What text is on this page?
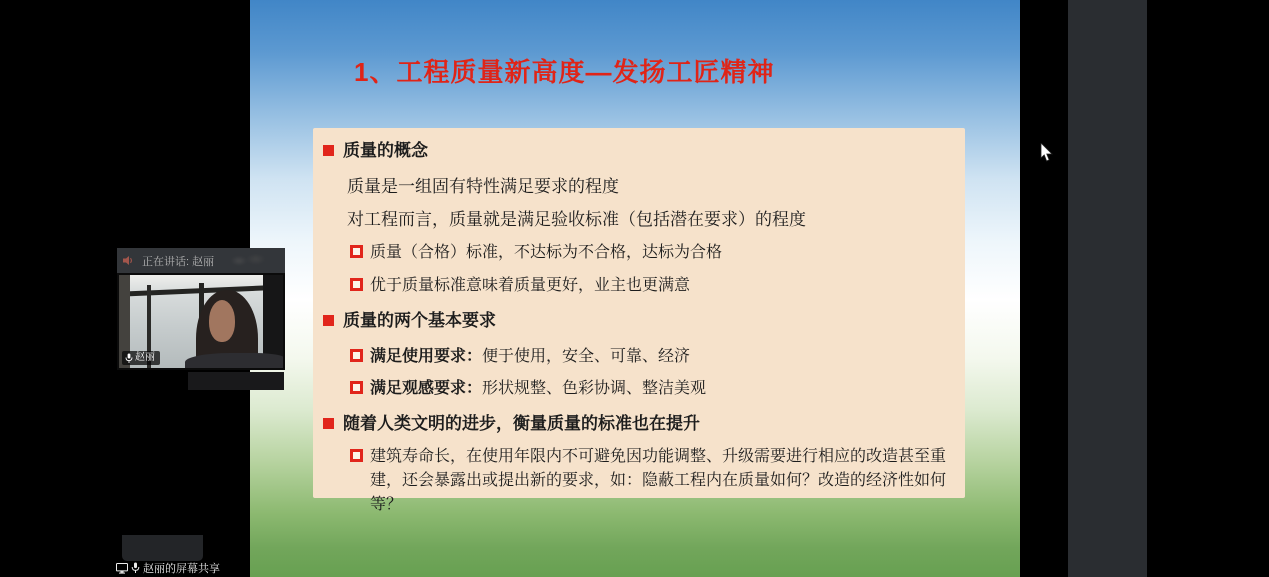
1、工程质量新高度—发扬工匠精神
质量的概念
质量是一组固有特性满足要求的程度
对工程而言，质量就是满足验收标准（包括潜在要求）的程度
质量（合格）标准，不达标为不合格，达标为合格
优于质量标准意味着质量更好，业主也更满意
质量的两个基本要求
满足使用要求：便于使用，安全、可靠、经济
满足观感要求：形状规整、色彩协调、整洁美观
随着人类文明的进步，衡量质量的标准也在提升
建筑寿命长，在使用年限内不可避免因功能调整、升级需要进行相应的改造甚至重建，还会暴露出或提出新的要求，如：隐蔽工程内在质量如何？改造的经济性如何等？
正在讲话: 赵丽
赵丽
赵丽的屏幕共享
